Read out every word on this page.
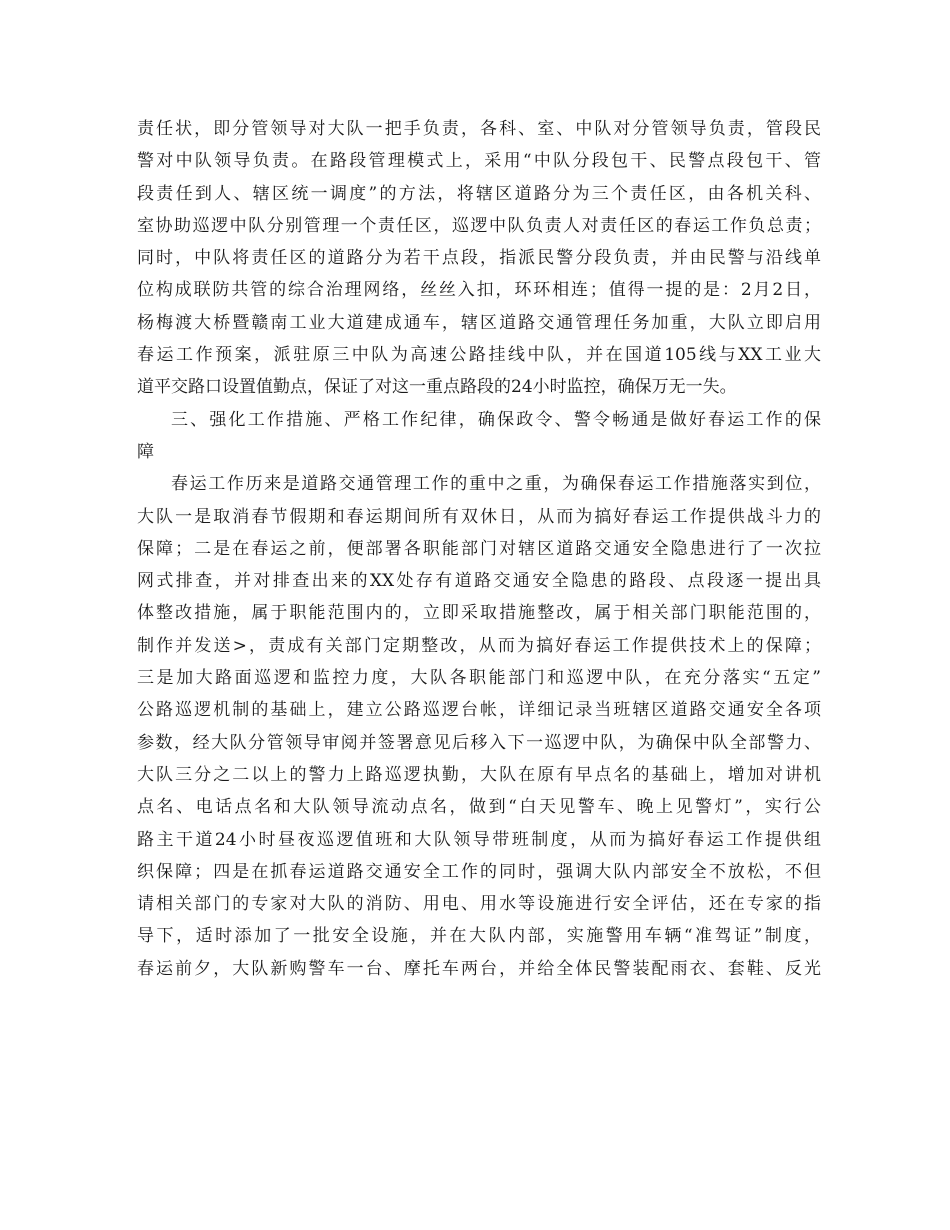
责任状，即分管领导对大队一把手负责，各科、室、中队对分管领导负责，管段民
警对中队领导负责。在路段管理模式上，采用“中队分段包干、民警点段包干、管
段责任到人、辖区统一调度”的方法，将辖区道路分为三个责任区，由各机关科、
室协助巡逻中队分别管理一个责任区，巡逻中队负责人对责任区的春运工作负总责；
同时，中队将责任区的道路分为若干点段，指派民警分段负责，并由民警与沿线单
位构成联防共管的综合治理网络，丝丝入扣，环环相连；值得一提的是：2月2日，
杨梅渡大桥暨赣南工业大道建成通车，辖区道路交通管理任务加重，大队立即启用
春运工作预案，派驻原三中队为高速公路挂线中队，并在国道105线与XX工业大
道平交路口设置值勤点，保证了对这一重点路段的24小时监控，确保万无一失。
三、强化工作措施、严格工作纪律，确保政令、警令畅通是做好春运工作的保
障
春运工作历来是道路交通管理工作的重中之重，为确保春运工作措施落实到位，
大队一是取消春节假期和春运期间所有双休日，从而为搞好春运工作提供战斗力的
保障；二是在春运之前，便部署各职能部门对辖区道路交通安全隐患进行了一次拉
网式排查，并对排查出来的XX处存有道路交通安全隐患的路段、点段逐一提出具
体整改措施，属于职能范围内的，立即采取措施整改，属于相关部门职能范围的，
制作并发送>，责成有关部门定期整改，从而为搞好春运工作提供技术上的保障；
三是加大路面巡逻和监控力度，大队各职能部门和巡逻中队，在充分落实“五定”
公路巡逻机制的基础上，建立公路巡逻台帐，详细记录当班辖区道路交通安全各项
参数，经大队分管领导审阅并签署意见后移入下一巡逻中队，为确保中队全部警力、
大队三分之二以上的警力上路巡逻执勤，大队在原有早点名的基础上，增加对讲机
点名、电话点名和大队领导流动点名，做到“白天见警车、晚上见警灯”，实行公
路主干道24小时昼夜巡逻值班和大队领导带班制度，从而为搞好春运工作提供组
织保障；四是在抓春运道路交通安全工作的同时，强调大队内部安全不放松，不但
请相关部门的专家对大队的消防、用电、用水等设施进行安全评估，还在专家的指
导下，适时添加了一批安全设施，并在大队内部，实施警用车辆“准驾证”制度，
春运前夕，大队新购警车一台、摩托车两台，并给全体民警装配雨衣、套鞋、反光
